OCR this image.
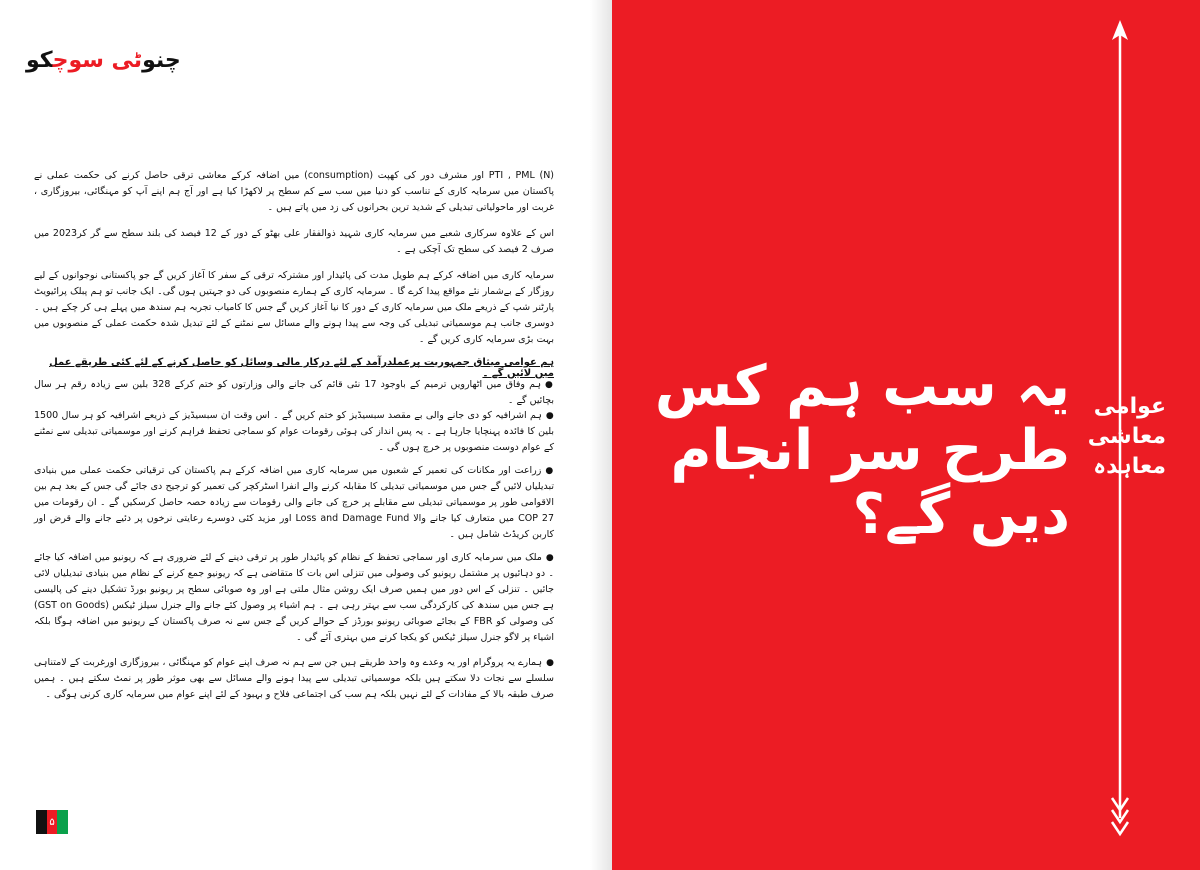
چنوٹی سوچکو

PTI , PML (N) اور مشرف دور کی کھپت (consumption) میں اضافہ کرکے معاشی ترقی حاصل کرنے کی حکمت عملی نے پاکستان میں سرمایہ کاری کے تناسب کو دنیا میں سب سے کم سطح پر لاکھڑا کیا ہے اور آج ہم اپنے آپ کو مہنگائی، بیروزگاری ، غربت اور ماحولیاتی تبدیلی کے شدید ترین بحرانوں کی زد میں پاتے ہیں ۔

اس کے علاوہ سرکاری شعبے میں سرمایہ کاری شہید ذوالفقار علی بھٹو کے دور کے 12 فیصد کی بلند سطح سے گر کر2023 میں صرف 2 فیصد کی سطح تک آچکی ہے ۔

سرمایہ کاری میں اضافہ کرکے ہم طویل مدت کی پائیدار اور مشترکہ ترقی کے سفر کا آغاز کریں گے جو پاکستانی نوجوانوں کے لیے روزگار کے بےشمار نئے مواقع پیدا کرے گا ۔ سرمایہ کاری کے ہمارے منصوبوں کی دو جہتیں ہوں گی۔ ایک جانب تو ہم پبلک پرائیویٹ پارٹنر شپ کے ذریعے ملک میں سرمایہ کاری کے دور کا نیا آغاز کریں گے جس کا کامیاب تجربہ ہم سندھ میں پہلے ہی کر چکے ہیں ۔ دوسری جانب ہم موسمیاتی تبدیلی کی وجہ سے پیدا ہونے والے مسائل سے نمٹنے کے لئے تبدیل شدہ حکمت عملی کے منصوبوں میں بہت بڑی سرمایہ کاری کریں گے ۔

ہم عوامی میثاق جمہوریت پرعملدرآمد کے لئے درکار مالی وسائل کو حاصل کرنے کے لئے کئی طریقے عمل میں لائیں گے ۔
●ہم وفاق میں اٹھارویں ترمیم کے باوجود 17 نئی قائم کی جانے والی وزارتوں کو ختم کرکے 328 بلین سے زیادہ رقم ہر سال بچائیں گے ۔
●ہم اشرافیہ کو دی جانے والی بے مقصد سبسیڈیز کو ختم کریں گے ۔ اس وقت ان سبسیڈیز کے ذریعے اشرافیہ کو ہر سال 1500 بلین کا فائدہ پہنچایا جارہا ہے ۔ یہ پس انداز کی ہوئی رقومات عوام کو سماجی تحفظ فراہم کرنے اور موسمیاتی تبدیلی سے نمٹنے کے عوام دوست منصوبوں پر خرچ ہوں گی ۔
●زراعت اور مکانات کی تعمیر کے شعبوں میں سرمایہ کاری میں اضافہ کرکے ہم پاکستان کی ترقیاتی حکمت عملی میں بنیادی تبدیلیاں لائیں گے جس میں موسمیاتی تبدیلی کا مقابلہ کرنے والے انفرا اسٹرکچر کی تعمیر کو ترجیح دی جائے گی جس کے بعد ہم بین الاقوامی طور پر موسمیاتی تبدیلی سے مقابلے پر خرچ کی جانے والی رقومات سے زیادہ حصہ حاصل کرسکیں گے ۔ ان رقومات میں COP 27 میں متعارف کیا جانے والا Loss and Damage Fund اور مزید کئی دوسرے رعایتی نرخوں پر دئیے جانے والے قرض اور کاربن کریڈٹ شامل ہیں ۔
●ملک میں سرمایہ کاری اور سماجی تحفظ کے نظام کو پائیدار طور پر ترقی دینے کے لئے ضروری ہے کہ ریونیو میں اضافہ کیا جائے ۔ دو دہائیوں پر مشتمل ریونیو کی وصولی میں تنزلی اس بات کا متقاضی ہے کہ ریونیو جمع کرنے کے نظام میں بنیادی تبدیلیاں لائی جائیں ۔ تنزلی کے اس دور میں ہمیں صرف ایک روشن مثال ملتی ہے اور وہ صوبائی سطح پر ریونیو بورڈ تشکیل دینے کی پالیسی ہے جس میں سندھ کی کارکردگی سب سے بہتر رہی ہے ۔ ہم اشیاء پر وصول کئے جانے والے جنرل سیلز ٹیکس (GST on Goods) کی وصولی کو FBR کے بجائے صوبائی ریونیو بورڈز کے حوالے کریں گے جس سے نہ صرف پاکستان کے ریونیو میں اضافہ ہوگا بلکہ اشیاء پر لاگو جنرل سیلز ٹیکس کو یکجا کرنے میں بہتری آئے گی ۔
●ہمارے یہ پروگرام اور یہ وعدے وہ واحد طریقے ہیں جن سے ہم نہ صرف اپنے عوام کو مہنگائی ، بیروزگاری اورغربت کے لامتناہی سلسلے سے نجات دلا سکتے ہیں بلکہ موسمیاتی تبدیلی سے پیدا ہونے والے مسائل سے بھی موثر طور پر نمٹ سکتے ہیں ۔ ہمیں صرف طبقہ بالا کے مفادات کے لئے نہیں بلکہ ہم سب کی اجتماعی فلاح و بہبود کے لئے اپنے عوام میں سرمایہ کاری کرنی ہوگی ۔
۵
یہ سب ہم کس
طرح سر انجام
دیں گے؟
عوامی
معاشی
معاہدہ
